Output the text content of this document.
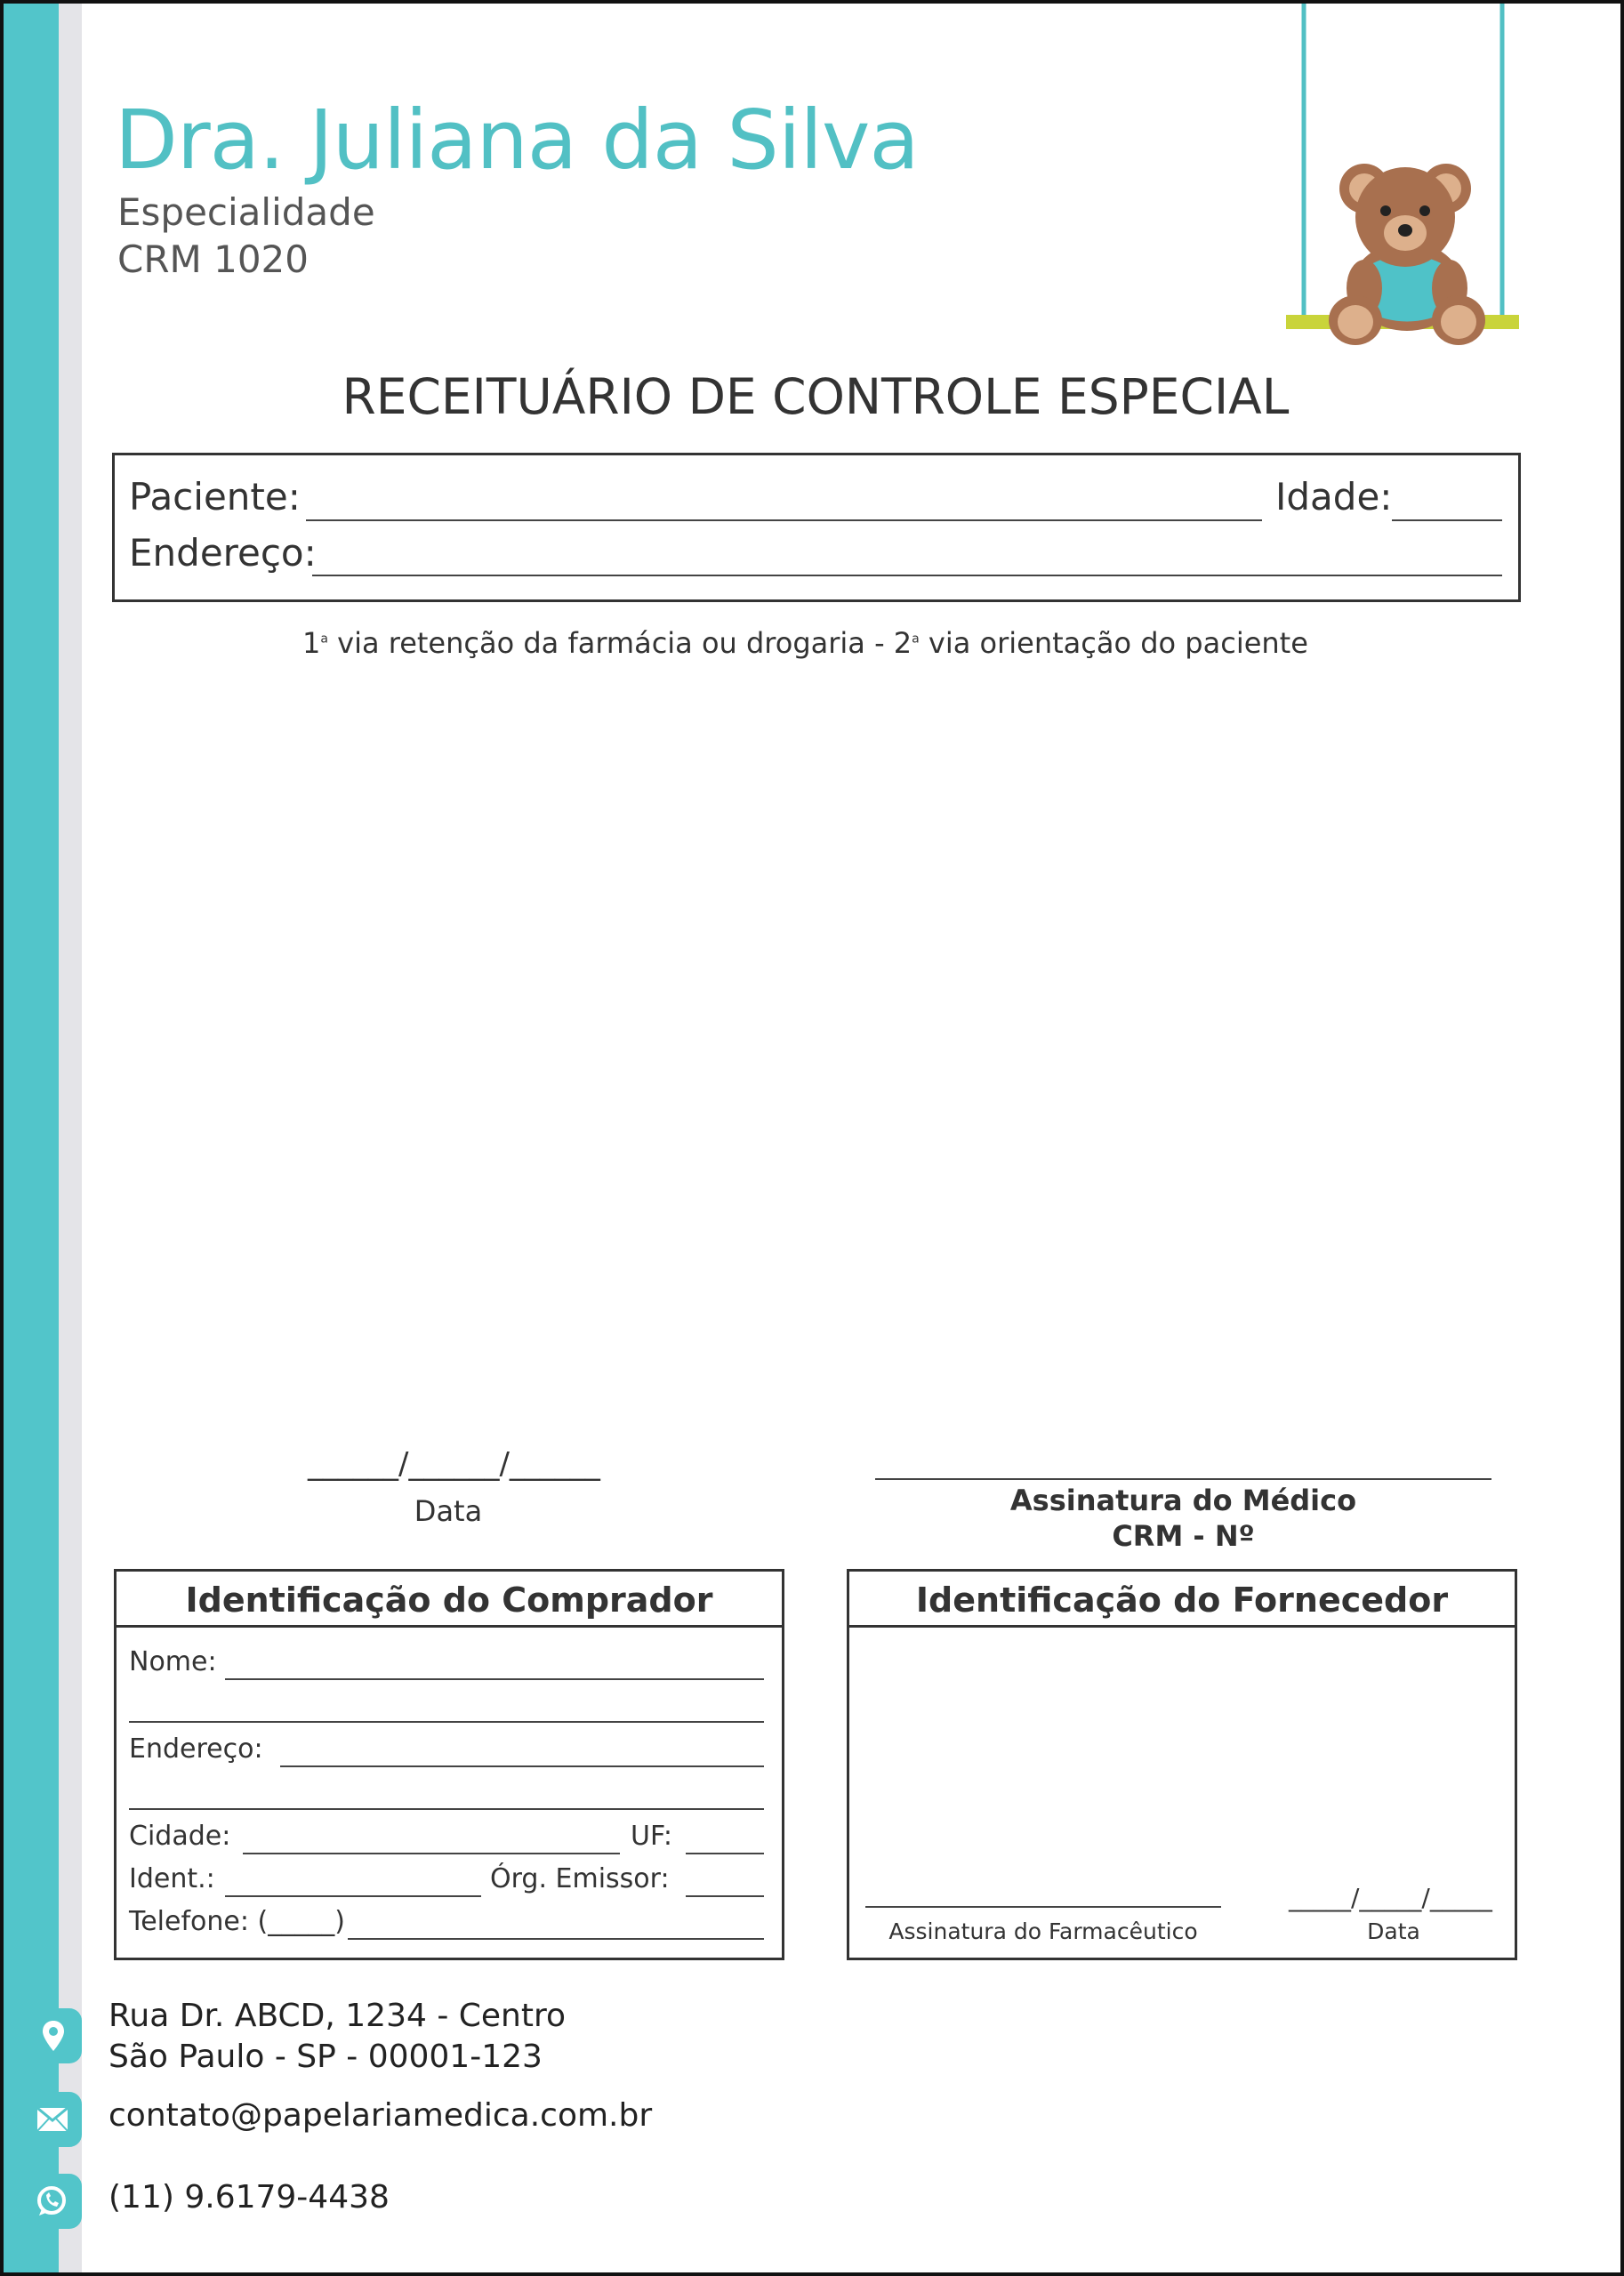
Dra. Juliana da Silva
Especialidade
CRM 1020
RECEITUÁRIO DE CONTROLE ESPECIAL
Paciente:	Idade:
Endereço:
1$^a$ via retenção da farmácia ou drogaria - 2$^a$ via orientação do paciente
______/______/______
Data	Assinatura do Médico
CRM - Nº
Identificação do Comprador
Nome:
Endereço:
Cidade:	UF:
Ident.:	Órg. Emissor:
Telefone: (_____)
Identificação do Fornecedor
Assinatura do Farmacêutico
_____/_____/_____
Data
Rua Dr. ABCD, 1234 - Centro
São Paulo - SP - 00001-123
contato@papelariamedica.com.br
(11) 9.6179-4438
